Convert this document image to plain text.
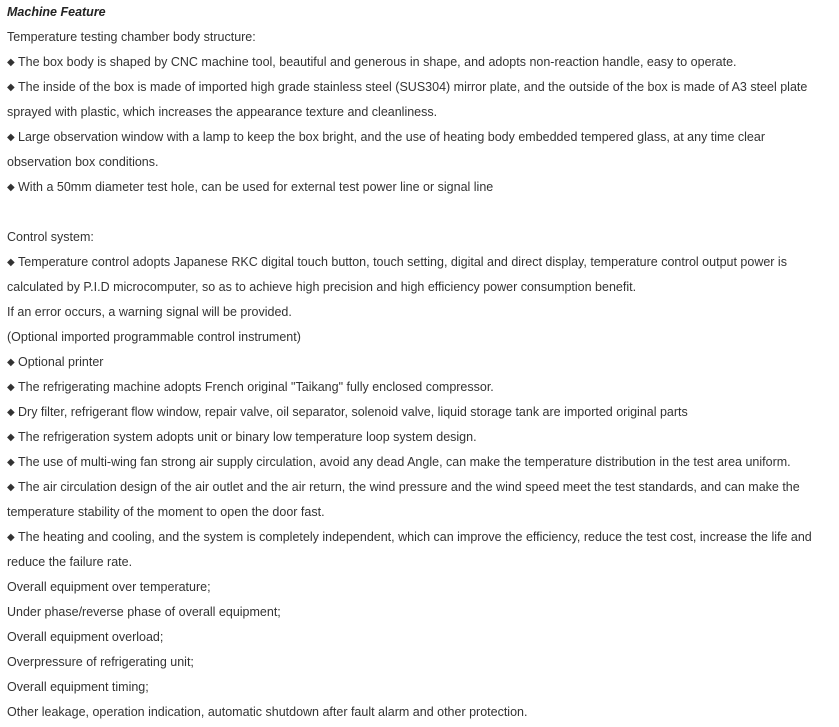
Machine Feature
Temperature testing chamber body structure:
◆ The box body is shaped by CNC machine tool, beautiful and generous in shape, and adopts non-reaction handle, easy to operate.
◆ The inside of the box is made of imported high grade stainless steel (SUS304) mirror plate, and the outside of the box is made of A3 steel plate
sprayed with plastic, which increases the appearance texture and cleanliness.
◆ Large observation window with a lamp to keep the box bright, and the use of heating body embedded tempered glass, at any time clear
observation box conditions.
◆ With a 50mm diameter test hole, can be used for external test power line or signal line
Control system:
◆ Temperature control adopts Japanese RKC digital touch button, touch setting, digital and direct display, temperature control output power is
calculated by P.I.D microcomputer, so as to achieve high precision and high efficiency power consumption benefit.
If an error occurs, a warning signal will be provided.
(Optional imported programmable control instrument)
◆ Optional printer
◆ The refrigerating machine adopts French original "Taikang" fully enclosed compressor.
◆ Dry filter, refrigerant flow window, repair valve, oil separator, solenoid valve, liquid storage tank are imported original parts
◆ The refrigeration system adopts unit or binary low temperature loop system design.
◆ The use of multi-wing fan strong air supply circulation, avoid any dead Angle, can make the temperature distribution in the test area uniform.
◆ The air circulation design of the air outlet and the air return, the wind pressure and the wind speed meet the test standards, and can make the
temperature stability of the moment to open the door fast.
◆ The heating and cooling, and the system is completely independent, which can improve the efficiency, reduce the test cost, increase the life and
reduce the failure rate.
Overall equipment over temperature;
Under phase/reverse phase of overall equipment;
Overall equipment overload;
Overpressure of refrigerating unit;
Overall equipment timing;
Other leakage, operation indication, automatic shutdown after fault alarm and other protection.
